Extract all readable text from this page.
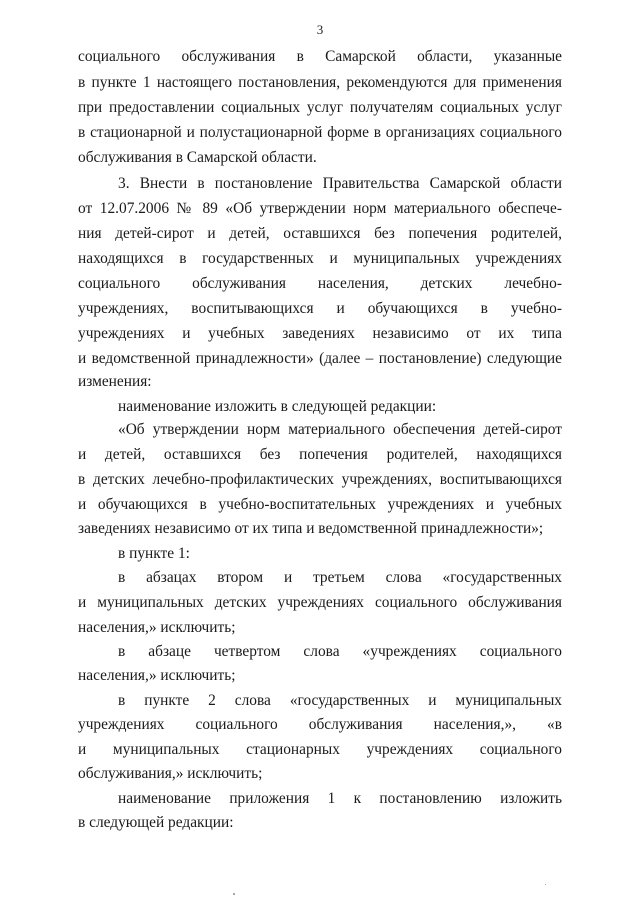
3
социального обслуживания в Самарской области, указанные
в пункте 1 настоящего постановления, рекомендуются для применения
при предоставлении социальных услуг получателям социальных услуг
в стационарной и полустационарной форме в организациях социального
обслуживания в Самарской области.
3. Внести в постановление Правительства Самарской области
от 12.07.2006 № 89 «Об утверждении норм материального обеспече-
ния детей-сирот и детей, оставшихся без попечения родителей,
находящихся в государственных и муниципальных учреждениях
социального обслуживания населения, детских лечебно-
учреждениях, воспитывающихся и обучающихся в учебно-
учреждениях и учебных заведениях независимо от их типа
и ведомственной принадлежности» (далее – постановление) следующие
изменения:
наименование изложить в следующей редакции:
«Об утверждении норм материального обеспечения детей-сирот
и детей, оставшихся без попечения родителей, находящихся
в детских лечебно-профилактических учреждениях, воспитывающихся
и обучающихся в учебно-воспитательных учреждениях и учебных
заведениях независимо от их типа и ведомственной принадлежности»;
в пункте 1:
в абзацах втором и третьем слова «государственных
и муниципальных детских учреждениях социального обслуживания
населения,» исключить;
в абзаце четвертом слова «учреждениях социального
населения,» исключить;
в пункте 2 слова «государственных и муниципальных
учреждениях социального обслуживания населения,», «в
и муниципальных стационарных учреждениях социального
обслуживания,» исключить;
наименование приложения 1 к постановлению изложить
в следующей редакции:
